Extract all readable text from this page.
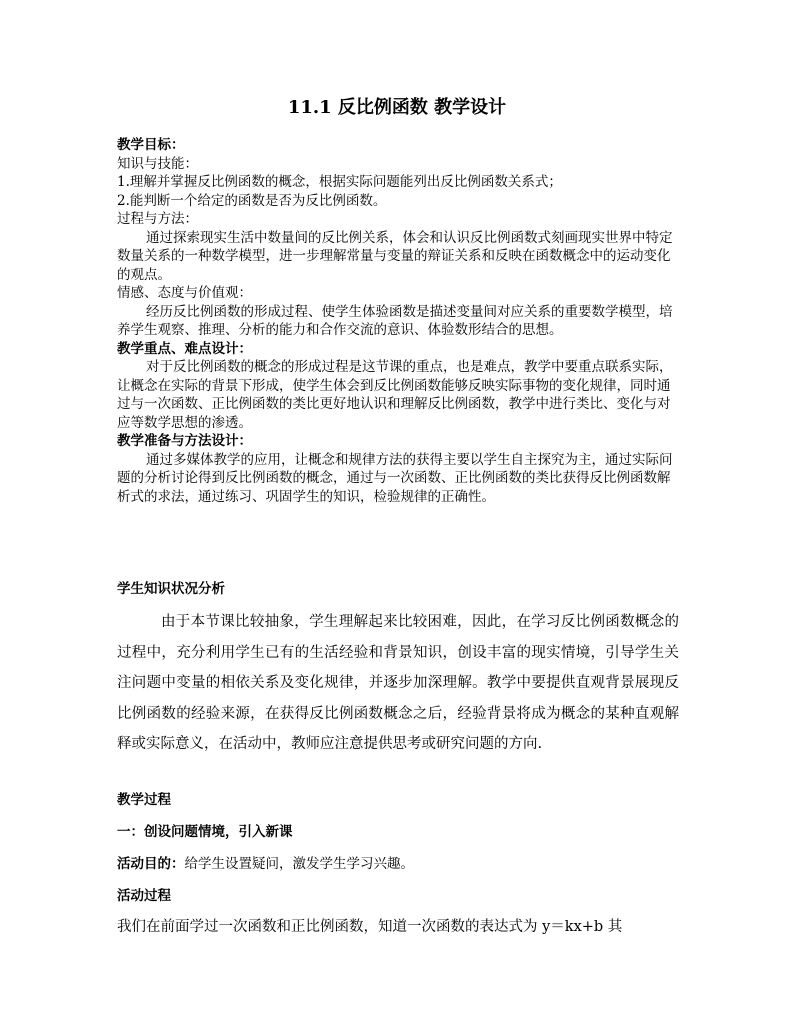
11.1 反比例函数 教学设计

教学目标：

知识与技能：

1.理解并掌握反比例函数的概念，根据实际问题能列出反比例函数关系式；

2.能判断一个给定的函数是否为反比例函数。

过程与方法：

通过探索现实生活中数量间的反比例关系，体会和认识反比例函数式刻画现实世界中特定数量关系的一种数学模型，进一步理解常量与变量的辩证关系和反映在函数概念中的运动变化的观点。

情感、态度与价值观：

经历反比例函数的形成过程、使学生体验函数是描述变量间对应关系的重要数学模型，培养学生观察、推理、分析的能力和合作交流的意识、体验数形结合的思想。

教学重点、难点设计：

对于反比例函数的概念的形成过程是这节课的重点，也是难点，教学中要重点联系实际，让概念在实际的背景下形成，使学生体会到反比例函数能够反映实际事物的变化规律，同时通过与一次函数、正比例函数的类比更好地认识和理解反比例函数，教学中进行类比、变化与对应等数学思想的渗透。

教学准备与方法设计：

通过多媒体教学的应用，让概念和规律方法的获得主要以学生自主探究为主，通过实际问题的分析讨论得到反比例函数的概念，通过与一次函数、正比例函数的类比获得反比例函数解析式的求法，通过练习、巩固学生的知识，检验规律的正确性。

学生知识状况分析

由于本节课比较抽象，学生理解起来比较困难，因此，在学习反比例函数概念的过程中，充分利用学生已有的生活经验和背景知识，创设丰富的现实情境，引导学生关注问题中变量的相依关系及变化规律，并逐步加深理解。教学中要提供直观背景展现反比例函数的经验来源，在获得反比例函数概念之后，经验背景将成为概念的某种直观解释或实际意义，在活动中，教师应注意提供思考或研究问题的方向.

教学过程

一：创设问题情境，引入新课

活动目的：给学生设置疑问，激发学生学习兴趣。

活动过程

我们在前面学过一次函数和正比例函数，知道一次函数的表达式为 y＝kx+b 其
